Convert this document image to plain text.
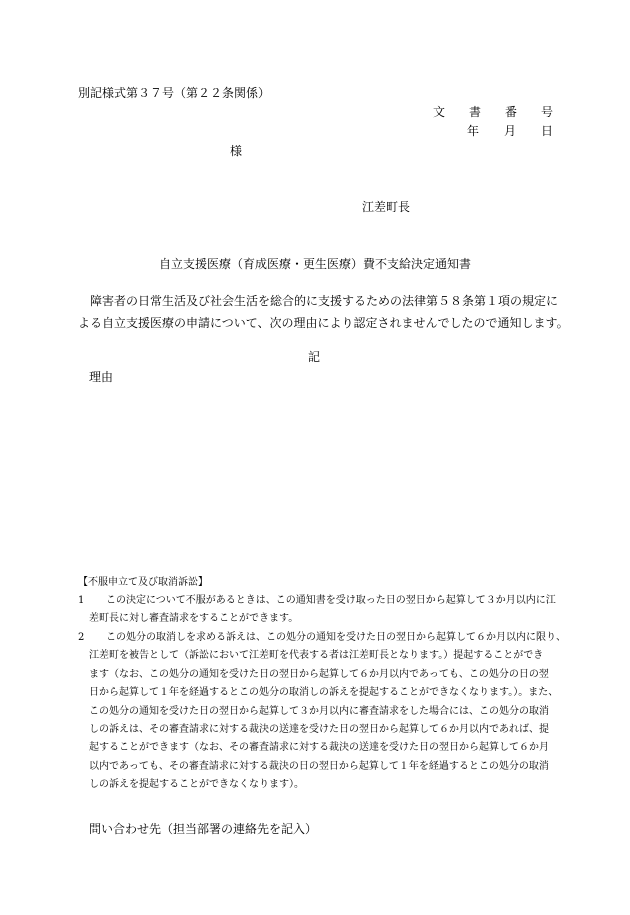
別記様式第３７号（第２２条関係）
文 書 番 号
年 月 日
様
江差町長
自立支援医療（育成医療・更生医療）費不支給決定通知書
障害者の日常生活及び社会生活を総合的に支援するための法律第５８条第１項の規定に
よる自立支援医療の申請について、次の理由により認定されませんでしたので通知します。
記
理由
【不服申立て及び取消訴訟】
1	この決定について不服があるときは、この通知書を受け取った日の翌日から起算して３か月以内に江
差町長に対し審査請求をすることができます。
2	この処分の取消しを求める訴えは、この処分の通知を受けた日の翌日から起算して６か月以内に限り、
江差町を被告として（訴訟において江差町を代表する者は江差町長となります。）提起することができ
ます（なお、この処分の通知を受けた日の翌日から起算して６か月以内であっても、この処分の日の翌
日から起算して１年を経過するとこの処分の取消しの訴えを提起することができなくなります。）。また、
この処分の通知を受けた日の翌日から起算して３か月以内に審査請求をした場合には、この処分の取消
しの訴えは、その審査請求に対する裁決の送達を受けた日の翌日から起算して６か月以内であれば、提
起することができます（なお、その審査請求に対する裁決の送達を受けた日の翌日から起算して６か月
以内であっても、その審査請求に対する裁決の日の翌日から起算して１年を経過するとこの処分の取消
しの訴えを提起することができなくなります）。
問い合わせ先（担当部署の連絡先を記入）
